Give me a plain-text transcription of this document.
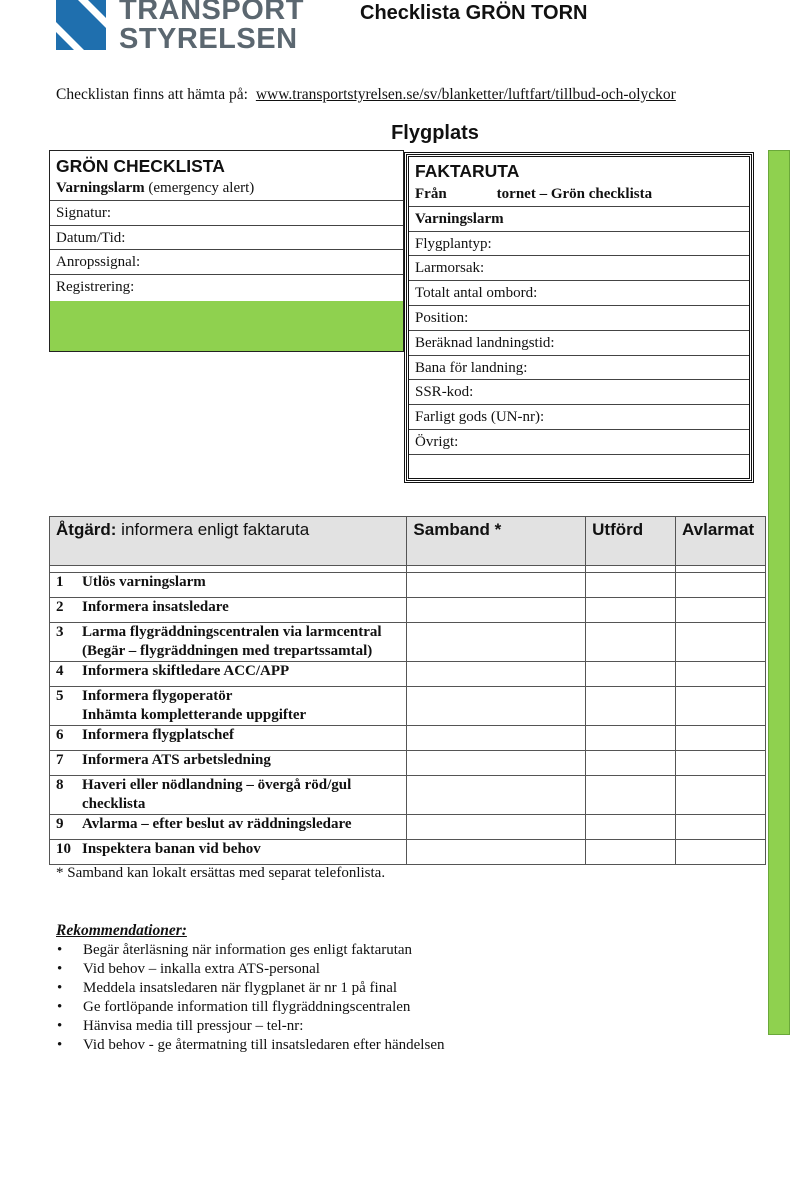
TRANSPORT
STYRELSEN
Checklista GRÖN TORN
Checklistan finns att hämta på: www.transportstyrelsen.se/sv/blanketter/luftfart/tillbud-och-olyckor
Flygplats
GRÖN CHECKLISTA
Varningslarm (emergency alert)
Signatur:
Datum/Tid:
Anropssignal:
Registrering:
FAKTARUTA
Från	tornet – Grön checklista
Varningslarm
Flygplantyp:
Larmorsak:
Totalt antal ombord:
Position:
Beräknad landningstid:
Bana för landning:
SSR-kod:
Farligt gods (UN-nr):
Övrigt:
Åtgärd: informera enligt faktaruta	Samband *	Utförd	Avlarmat

1 Utlös varningslarm			

2 Informera insatsledare			

3 Larma flygräddningscentralen via larmcentral
(Begär – flygräddningen med trepartssamtal)			

4 Informera skiftledare ACC/APP			

5 Informera flygoperatör
Inhämta kompletterande uppgifter			

6 Informera flygplatschef			

7 Informera ATS arbetsledning			

8 Haveri eller nödlandning – övergå röd/gul
checklista			

9 Avlarma – efter beslut av räddningsledare			

10 Inspektera banan vid behov			

* Samband kan lokalt ersättas med separat telefonlista.
Rekommendationer:
• Begär återläsning när information ges enligt faktarutan
• Vid behov – inkalla extra ATS-personal
• Meddela insatsledaren när flygplanet är nr 1 på final
• Ge fortlöpande information till flygräddningscentralen
• Hänvisa media till pressjour – tel-nr:
• Vid behov - ge återmatning till insatsledaren efter händelsen
